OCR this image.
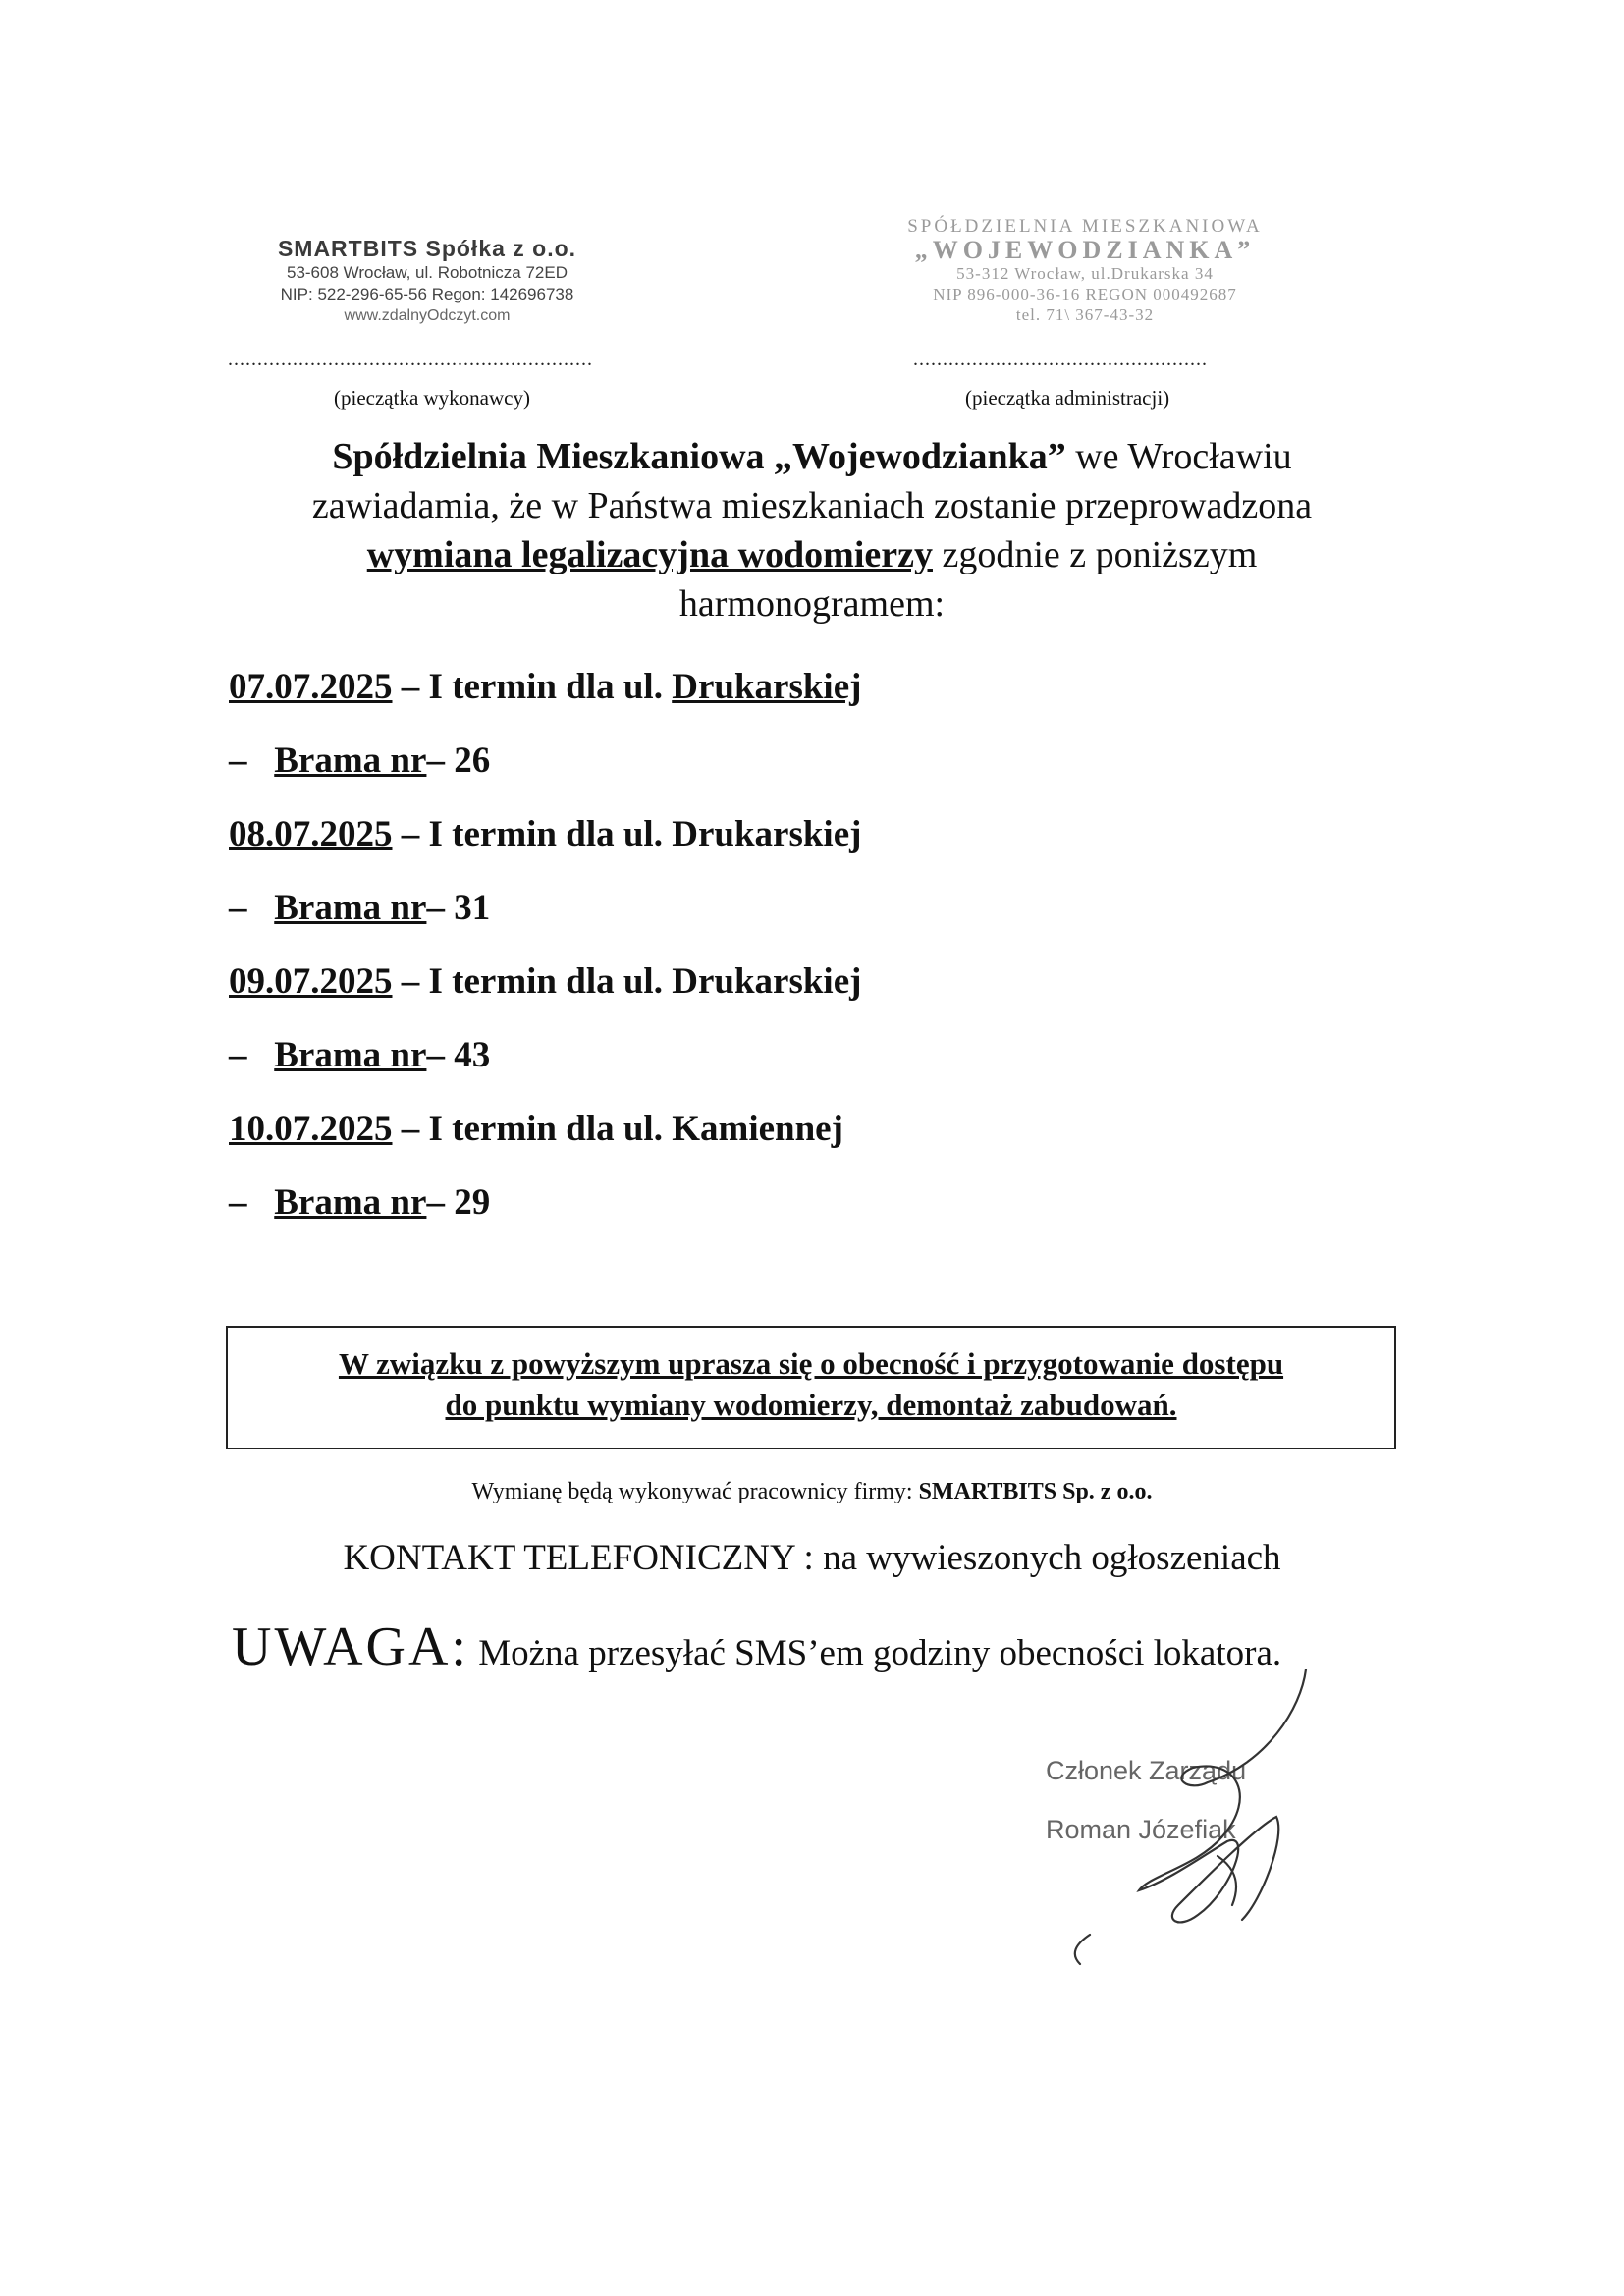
SMARTBITS Spółka z o.o.
53-608 Wrocław, ul. Robotnicza 72ED
NIP: 522-296-65-56 Regon: 142696738
www.zdalnyOdczyt.com
SPÓŁDZIELNIA MIESZKANIOWA
„WOJEWODZIANKA”
53-312 Wrocław, ul.Drukarska 34
NIP 896-000-36-16 REGON 000492687
tel. 71\ 367-43-32
..............................................................	..................................................
(pieczątka wykonawcy)	(pieczątka administracji)
Spółdzielnia Mieszkaniowa „Wojewodzianka” we Wrocławiu
zawiadamia, że w Państwa mieszkaniach zostanie przeprowadzona
wymiana legalizacyjna wodomierzy zgodnie z poniższym
harmonogramem:
07.07.2025 – I termin dla ul. Drukarskiej
– Brama nr– 26
08.07.2025 – I termin dla ul. Drukarskiej
– Brama nr– 31
09.07.2025 – I termin dla ul. Drukarskiej
– Brama nr– 43
10.07.2025 – I termin dla ul. Kamiennej
– Brama nr– 29
W związku z powyższym uprasza się o obecność i przygotowanie dostępu
do punktu wymiany wodomierzy, demontaż zabudowań.
Wymianę będą wykonywać pracownicy firmy: SMARTBITS Sp. z o.o.
KONTAKT TELEFONICZNY : na wywieszonych ogłoszeniach
UWAGA: Można przesyłać SMS’em godziny obecności lokatora.
Członek Zarządu
Roman Józefiak
